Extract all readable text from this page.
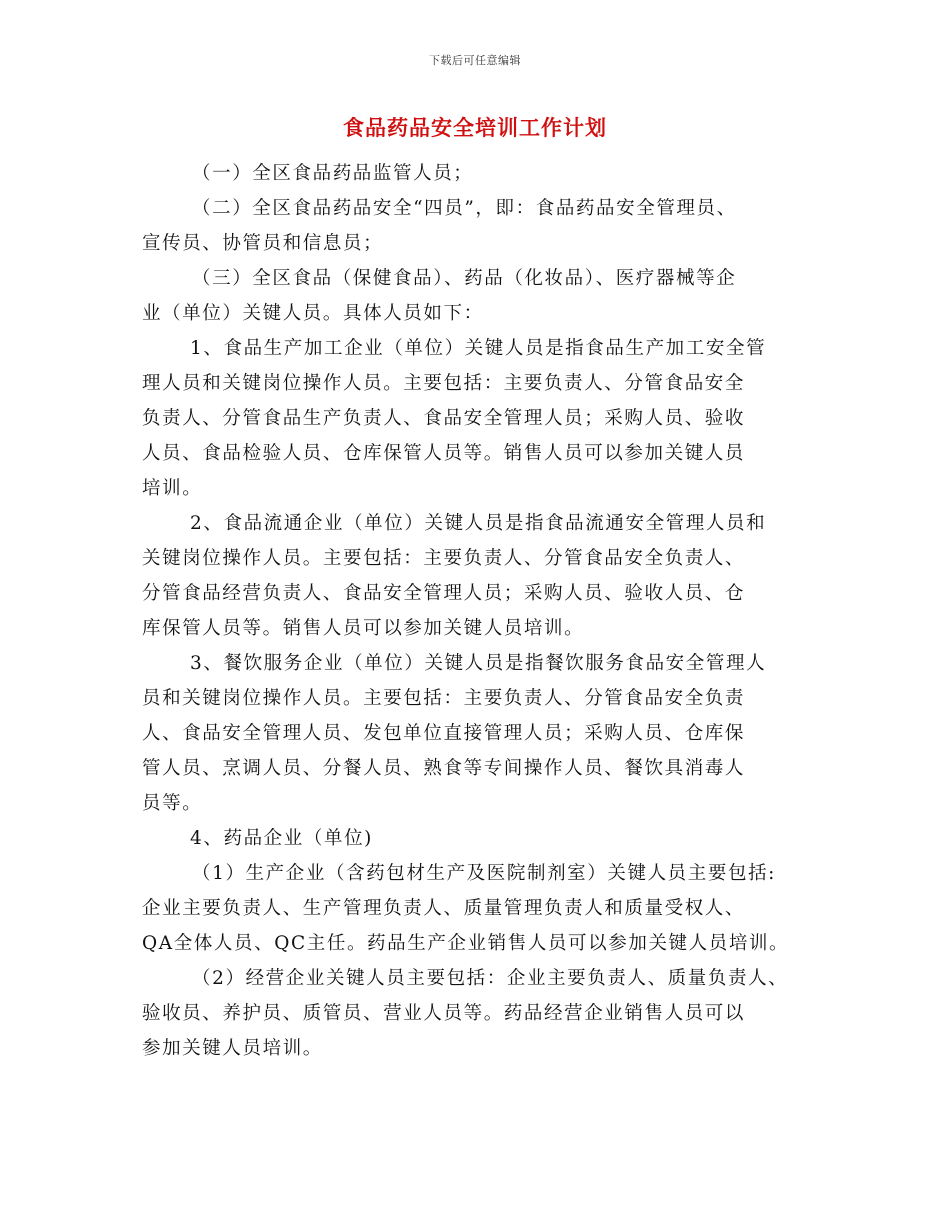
下载后可任意编辑
食品药品安全培训工作计划
（一）全区食品药品监管人员；
（二）全区食品药品安全“四员”，即：食品药品安全管理员、
宣传员、协管员和信息员；
（三）全区食品（保健食品）、药品（化妆品）、医疗器械等企
业（单位）关键人员。具体人员如下：
1、食品生产加工企业（单位）关键人员是指食品生产加工安全管
理人员和关键岗位操作人员。主要包括：主要负责人、分管食品安全
负责人、分管食品生产负责人、食品安全管理人员；采购人员、验收
人员、食品检验人员、仓库保管人员等。销售人员可以参加关键人员
培训。
2、食品流通企业（单位）关键人员是指食品流通安全管理人员和
关键岗位操作人员。主要包括：主要负责人、分管食品安全负责人、
分管食品经营负责人、食品安全管理人员；采购人员、验收人员、仓
库保管人员等。销售人员可以参加关键人员培训。
3、餐饮服务企业（单位）关键人员是指餐饮服务食品安全管理人
员和关键岗位操作人员。主要包括：主要负责人、分管食品安全负责
人、食品安全管理人员、发包单位直接管理人员；采购人员、仓库保
管人员、烹调人员、分餐人员、熟食等专间操作人员、餐饮具消毒人
员等。
4、药品企业（单位)
（1）生产企业（含药包材生产及医院制剂室）关键人员主要包括:
企业主要负责人、生产管理负责人、质量管理负责人和质量受权人、
QA全体人员、QC主任。药品生产企业销售人员可以参加关键人员培训。
（2）经营企业关键人员主要包括：企业主要负责人、质量负责人、
验收员、养护员、质管员、营业人员等。药品经营企业销售人员可以
参加关键人员培训。
